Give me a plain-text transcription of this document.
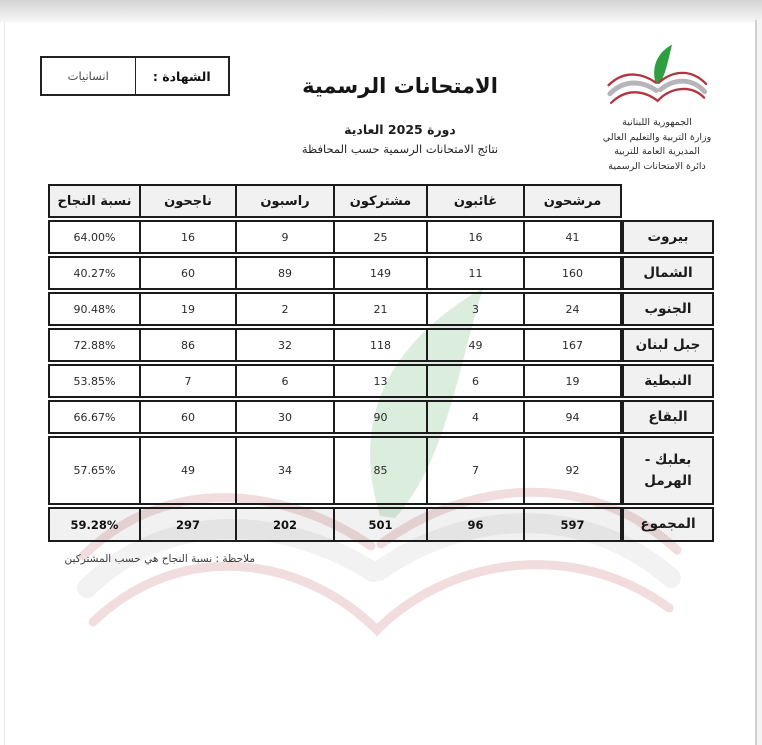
الشهادة :
انسانيات
الجمهورية اللبنانية
وزارة التربية والتعليم العالي
المديرية العامة للتربية
دائرة الامتحانات الرسمية
الامتحانات الرسمية
دورة 2025 العادية
نتائج الامتحانات الرسمية حسب المحافظة
مرشحون
غائبون
مشتركون
راسبون
ناجحون
نسبة النجاح
بيروت
41
16
25
9
16
64.00%
الشمال
160
11
149
89
60
40.27%
الجنوب
24
3
21
2
19
90.48%
جبل لبنان
167
49
118
32
86
72.88%
النبطية
19
6
13
6
7
53.85%
البقاع
94
4
90
30
60
66.67%
بعلبك - الهرمل
92
7
85
34
49
57.65%
المجموع
597
96
501
202
297
59.28%
ملاحظة : نسبة النجاح هي حسب المشتركين
